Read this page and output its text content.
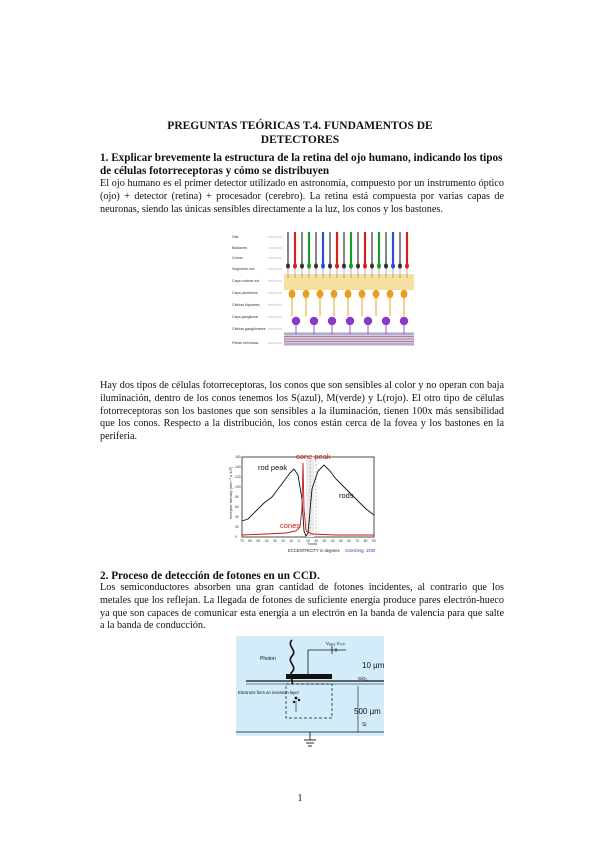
PREGUNTAS TEÓRICAS T.4. FUNDAMENTOS DE
DETECTORES
1. Explicar brevemente la estructura de la retina del ojo humano, indicando los tipos de células fotorreceptoras y cómo se distribuyen
El ojo humano es el primer detector utilizado en astronomía, compuesto por un instrumento óptico (ojo) + detector (retina) + procesador (cerebro). La retina está compuesta por varias capas de neuronas, siendo las únicas sensibles directamente a la luz, los conos y los bastones.
Glia
Bastones
Conos
Segmento ext.
Capa nuclear ext.
Capa plexiforme
Células bipolares
Capa ganglionar
Células ganglionares
Fibras nerviosas
Hay dos tipos de células fotorreceptoras, los conos que son sensibles al color y no operan con baja iluminación, dentro de los conos tenemos los S(azul), M(verde) y L(rojo). El otro tipo de células fotorreceptoras son los bastones que son sensibles a la iluminación, tienen 100x más sensibilidad que los conos. Respecto a la distribución, los conos están cerca de la fovea y los bastones en la periferia.
receptor density (mm⁻² x 10³)
0
20
40
60
80
100
120
140
160
70 60 50 40 30 20 10 0 10 20 30 40 50 60 70 80 90
rod peak
cone peak
rods
cones
fovea
ECCENTRICITY in degrees Osterberg, 1935
2. Proceso de detección de fotones en un CCD.
Los semiconductores absorben una gran cantidad de fotones incidentes, al contrario que los metales que los reflejan. La llegada de fotones de suficiente energía produce pares electrón-hueco ya que son capaces de comunicar esta energía a un electrón en la banda de valencia para que salte a la banda de conducción.
Photon
Vₑₐₜₑ Vₛᵤₕ
10 µm
SiO₂
Electrons form an inversion layer
500 µm
Si
1
